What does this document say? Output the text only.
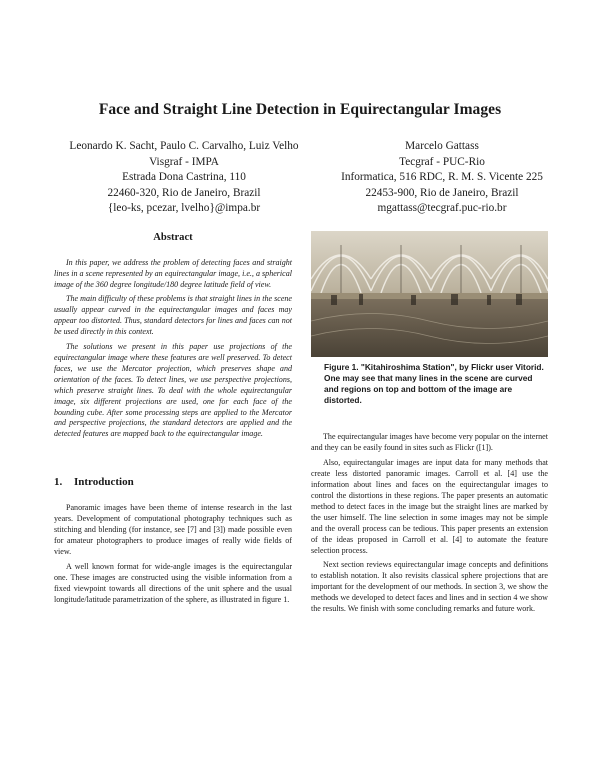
Face and Straight Line Detection in Equirectangular Images
Leonardo K. Sacht, Paulo C. Carvalho, Luiz Velho
Visgraf - IMPA
Estrada Dona Castrina, 110
22460-320, Rio de Janeiro, Brazil
{leo-ks, pcezar, lvelho}@impa.br
Marcelo Gattass
Tecgraf - PUC-Rio
Informatica, 516 RDC, R. M. S. Vicente 225
22453-900, Rio de Janeiro, Brazil
mgattass@tecgraf.puc-rio.br
Abstract

In this paper, we address the problem of detecting faces and straight lines in a scene represented by an equirectangular image, i.e., a spherical image of the 360 degree longitude/180 degree latitude field of view.

The main difficulty of these problems is that straight lines in the scene usually appear curved in the equirectangular images and faces may appear too distorted. Thus, standard detectors for lines and faces can not be used directly in this context.

The solutions we present in this paper use projections of the equirectangular image where these features are well preserved. To detect faces, we use the Mercator projection, which preserves shape and orientation of the faces. To detect lines, we use perspective projections, which preserve straight lines. To deal with the whole equirectangular image, six different projections are used, one for each face of the bounding cube. After some processing steps are applied to the Mercator and perspective projections, the standard detectors are applied and the detected features are mapped back to the equirectangular image.

1. Introduction

Panoramic images have been theme of intense research in the last years. Development of computational photography techniques such as stitching and blending (for instance, see [7] and [3]) made possible even for amateur photographers to produce images of really wide fields of view.

A well known format for wide-angle images is the equirectangular one. These images are constructed using the visible information from a fixed viewpoint towards all directions of the unit sphere and the usual longitude/latitude parametrization of the sphere, as illustrated in figure 1.

Figure 1. "Kitahiroshima Station", by Flickr user Vitorid. One may see that many lines in the scene are curved and regions on top and bottom of the image are distorted.

The equirectangular images have become very popular on the internet and they can be easily found in sites such as Flickr ([1]).

Also, equirectangular images are input data for many methods that create less distorted panoramic images. Carroll et al. [4] use the information about lines and faces on the equirectangular images to control the distortions in these regions. The paper presents an automatic method to detect faces in the image but the straight lines are marked by the user himself. The line selection in some images may not be simple and the overall process can be tedious. This paper presents an extension of the ideas proposed in Carroll et al. [4] to automate the feature selection process.

Next section reviews equirectangular image concepts and definitions to establish notation. It also revisits classical sphere projections that are important for the development of our methods. In section 3, we show the methods we developed to detect faces and lines and in section 4 we show the results. We finish with some concluding remarks and future work.
